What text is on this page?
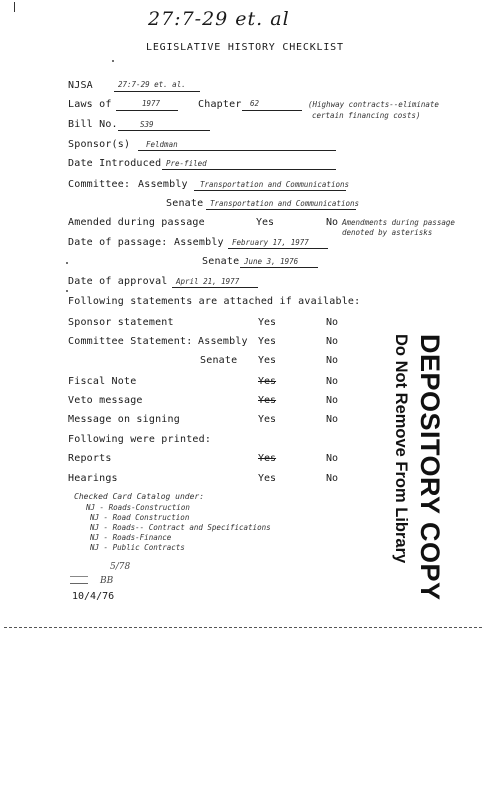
27:7-29 et. al
LEGISLATIVE HISTORY CHECKLIST
NJSA	27:7-29 et. al.
Laws of	1977	Chapter 62	(Highway contracts--eliminate
certain financing costs)
Bill No.	S39
Sponsor(s) Feldman
Date Introduced Pre-filed
Committee: Assembly Transportation and Communications
Senate Transportation and Communications
Amended during passage	Yes	No Amendments during passage
denoted by asterisks
Date of passage: Assembly February 17, 1977
Senate June 3, 1976
Date of approval April 21, 1977
Following statements are attached if available:
Sponsor statement	Yes	No
Committee Statement: Assembly Yes	No
Senate Yes	No
Fiscal Note	Yes	No
Veto message	Yes	No
Message on signing	Yes	No
Following were printed:
Reports	Yes	No
Hearings	Yes	No
Checked Card Catalog under:
NJ - Roads-Construction
NJ - Road Construction
NJ - Roads-- Contract and Specifications
NJ - Roads-Finance
NJ - Public Contracts
5/78
BB
10/4/76	DEPOSITORY COPY
Do Not Remove From Library
